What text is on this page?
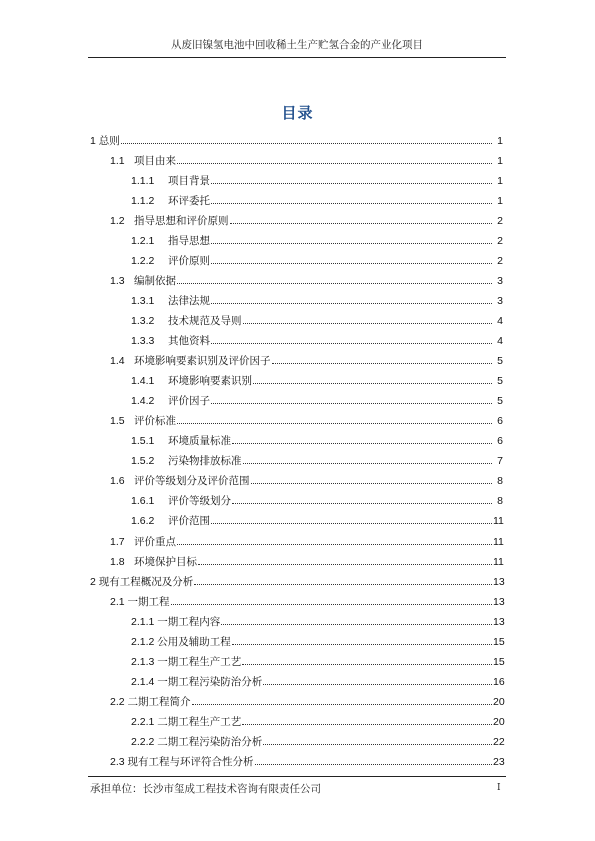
从废旧镍氢电池中回收稀土生产贮氢合金的产业化项目
目录
1 总则	1
1.1 项目由来	1
1.1.1	项目背景	1
1.1.2	环评委托	1
1.2 指导思想和评价原则	2
1.2.1	指导思想	2
1.2.2	评价原则	2
1.3 编制依据	3
1.3.1	法律法规	3
1.3.2	技术规范及导则	4
1.3.3	其他资料	4
1.4 环境影响要素识别及评价因子	5
1.4.1	环境影响要素识别	5
1.4.2	评价因子	5
1.5 评价标准	6
1.5.1	环境质量标准	6
1.5.2	污染物排放标准	7
1.6 评价等级划分及评价范围	8
1.6.1	评价等级划分	8
1.6.2	评价范围	11
1.7 评价重点	11
1.8 环境保护目标	11
2 现有工程概况及分析	13
2.1 一期工程	13
2.1.1 一期工程内容	13
2.1.2 公用及辅助工程	15
2.1.3 一期工程生产工艺	15
2.1.4 一期工程污染防治分析	16
2.2 二期工程简介	20
2.2.1 二期工程生产工艺	20
2.2.2 二期工程污染防治分析	22
2.3 现有工程与环评符合性分析	23
承担单位：长沙市玺成工程技术咨询有限责任公司	I
